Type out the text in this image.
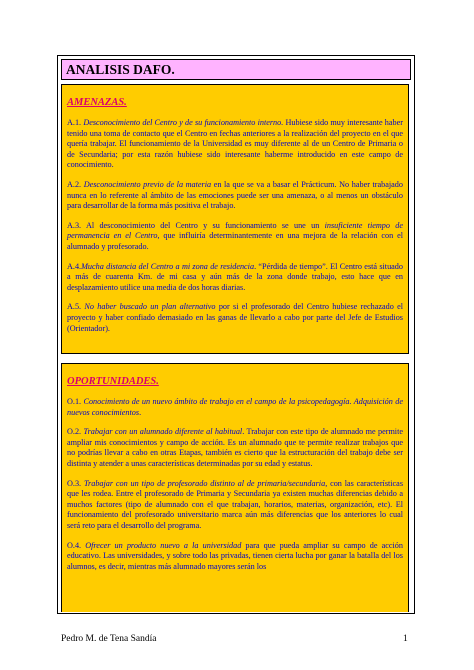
ANALISIS DAFO.
AMENAZAS.

A.1. Desconocimiento del Centro y de su funcionamiento interno. Hubiese sido muy interesante haber tenido una toma de contacto que el Centro en fechas anteriores a la realización del proyecto en el que quería trabajar. El funcionamiento de la Universidad es muy diferente al de un Centro de Primaria o de Secundaria; por esta razón hubiese sido interesante haberme introducido en este campo de conocimiento.

A.2. Desconocimiento previo de la materia en la que se va a basar el Prácticum. No haber trabajado nunca en lo referente al ámbito de las emociones puede ser una amenaza, o al menos un obstáculo para desarrollar de la forma más positiva el trabajo.

A.3. Al desconocimiento del Centro y su funcionamiento se une un insuficiente tiempo de permanencia en el Centro, que influiría determinantemente en una mejora de la relación con el alumnado y profesorado.

A.4.Mucha distancia del Centro a mi zona de residencia. “Pérdida de tiempo”. El Centro está situado a más de cuarenta Km. de mi casa y aún más de la zona donde trabajo, esto hace que en desplazamiento utilice una media de dos horas diarias.

A.5. No haber buscado un plan alternativo por si el profesorado del Centro hubiese rechazado el proyecto y haber confiado demasiado en las ganas de llevarlo a cabo por parte del Jefe de Estudios (Orientador).

OPORTUNIDADES.

O.1. Conocimiento de un nuevo ámbito de trabajo en el campo de la psicopedagogía. Adquisición de nuevos conocimientos.

O.2. Trabajar con un alumnado diferente al habitual. Trabajar con este tipo de alumnado me permite ampliar mis conocimientos y campo de acción. Es un alumnado que te permite realizar trabajos que no podrías llevar a cabo en otras Etapas, también es cierto que la estructuración del trabajo debe ser distinta y atender a unas características determinadas por su edad y estatus.

O.3. Trabajar con un tipo de profesorado distinto al de primaria/secundaria, con las características que les rodea. Entre el profesorado de Primaria y Secundaria ya existen muchas diferencias debido a muchos factores (tipo de alumnado con el que trabajan, horarios, materias, organización, etc). El funcionamiento del profesorado universitario marca aún más diferencias que los anteriores lo cual será reto para el desarrollo del programa.

O.4. Ofrecer un producto nuevo a la universidad para que pueda ampliar su campo de acción educativo. Las universidades, y sobre todo las privadas, tienen cierta lucha por ganar la batalla del los alumnos, es decir, mientras más alumnado mayores serán los

Pedro M. de Tena Sandía	1
